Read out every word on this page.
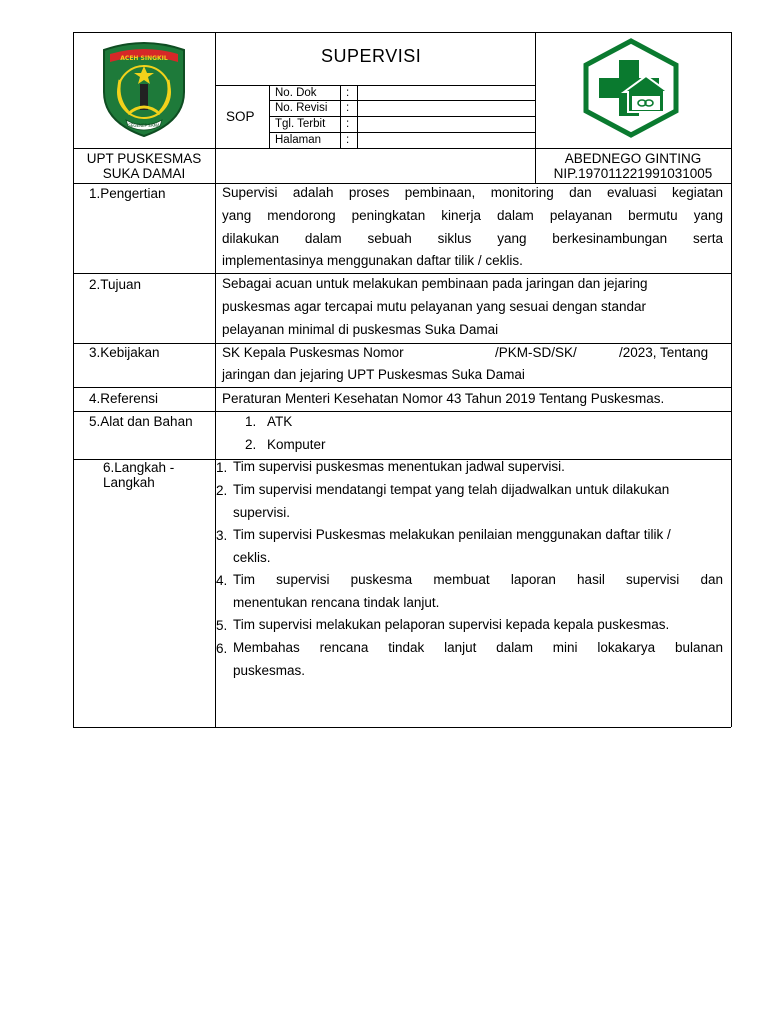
ACEH SINGKIL
SEGENEP SAMA
SUPERVISI
SOP
No. Dok	:
No. Revisi :
Tgl. Terbit :
Halaman :
UPT PUSKESMAS
SUKA DAMAI
ABEDNEGO GINTING
NIP.197011221991031005
1.Pengertian	Supervisi adalah proses pembinaan, monitoring dan evaluasi kegiatan
yang mendorong peningkatan kinerja dalam pelayanan bermutu yang
dilakukan dalam sebuah siklus yang berkesinambungan serta
implementasinya menggunakan daftar tilik / ceklis.
2.Tujuan	Sebagai acuan untuk melakukan pembinaan pada jaringan dan jejaring
puskesmas agar tercapai mutu pelayanan yang sesuai dengan standar
pelayanan minimal di puskesmas Suka Damai
3.Kebijakan	SK Kepala Puskesmas Nomor	/PKM-SD/SK/	/2023, Tentang
jaringan dan jejaring UPT Puskesmas Suka Damai
4.Referensi	Peraturan Menteri Kesehatan Nomor 43 Tahun 2019 Tentang Puskesmas.
5.Alat dan Bahan	1. ATK
2. Komputer
6.Langkah -
Langkah
1. Tim supervisi puskesmas menentukan jadwal supervisi.
2. Tim supervisi mendatangi tempat yang telah dijadwalkan untuk dilakukan
supervisi.
3. Tim supervisi Puskesmas melakukan penilaian menggunakan daftar tilik /
ceklis.
4. Tim supervisi puskesma membuat laporan hasil supervisi dan
menentukan rencana tindak lanjut.
5. Tim supervisi melakukan pelaporan supervisi kepada kepala puskesmas.
6. Membahas rencana tindak lanjut dalam mini lokakarya bulanan
puskesmas.
